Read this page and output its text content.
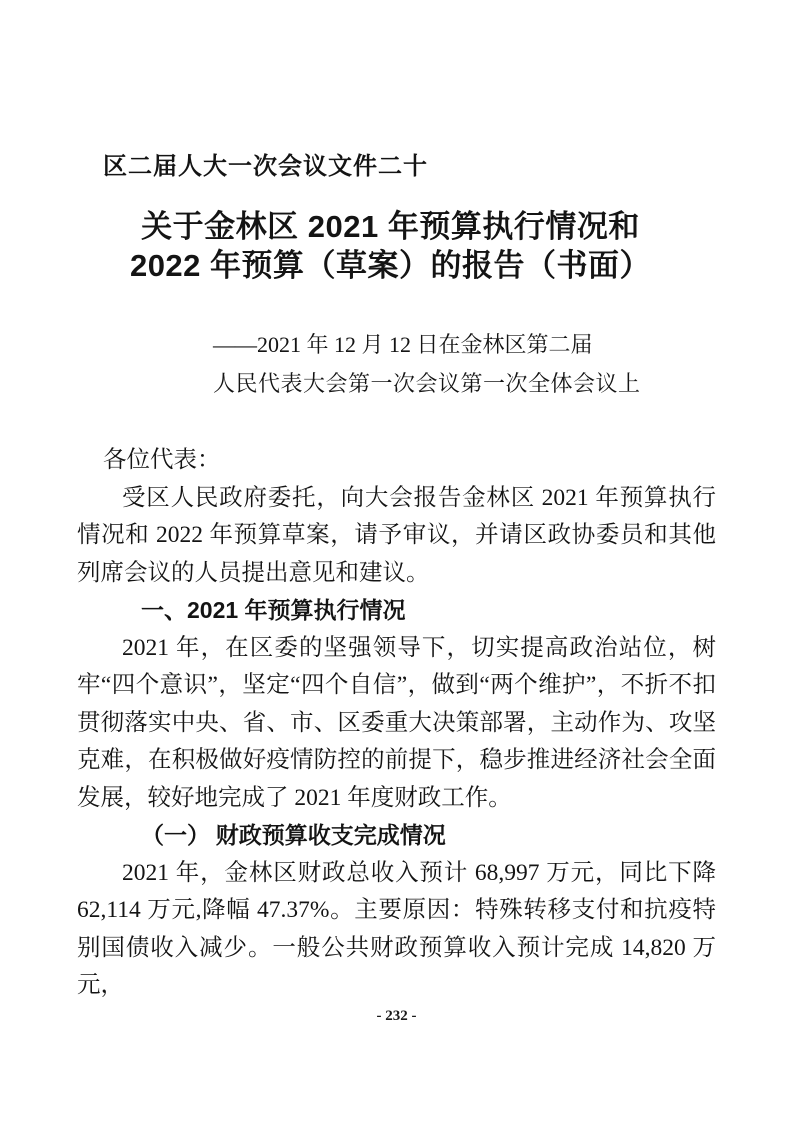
区二届人大一次会议文件二十
关于金林区 2021 年预算执行情况和
2022 年预算（草案）的报告（书面）
——2021 年 12 月 12 日在金林区第二届
人民代表大会第一次会议第一次全体会议上

各位代表：

受区人民政府委托，向大会报告金林区 2021 年预算执行情况和 2022 年预算草案，请予审议，并请区政协委员和其他列席会议的人员提出意见和建议。

一、2021 年预算执行情况

2021 年，在区委的坚强领导下，切实提高政治站位，树牢“四个意识”，坚定“四个自信”，做到“两个维护”，不折不扣贯彻落实中央、省、市、区委重大决策部署，主动作为、攻坚克难，在积极做好疫情防控的前提下，稳步推进经济社会全面发展，较好地完成了 2021 年度财政工作。

（一） 财政预算收支完成情况

2021 年，金林区财政总收入预计 68,997 万元，同比下降 62,114 万元,降幅 47.37%。主要原因：特殊转移支付和抗疫特别国债收入减少。一般公共财政预算收入预计完成 14,820 万元，

- 232 -
